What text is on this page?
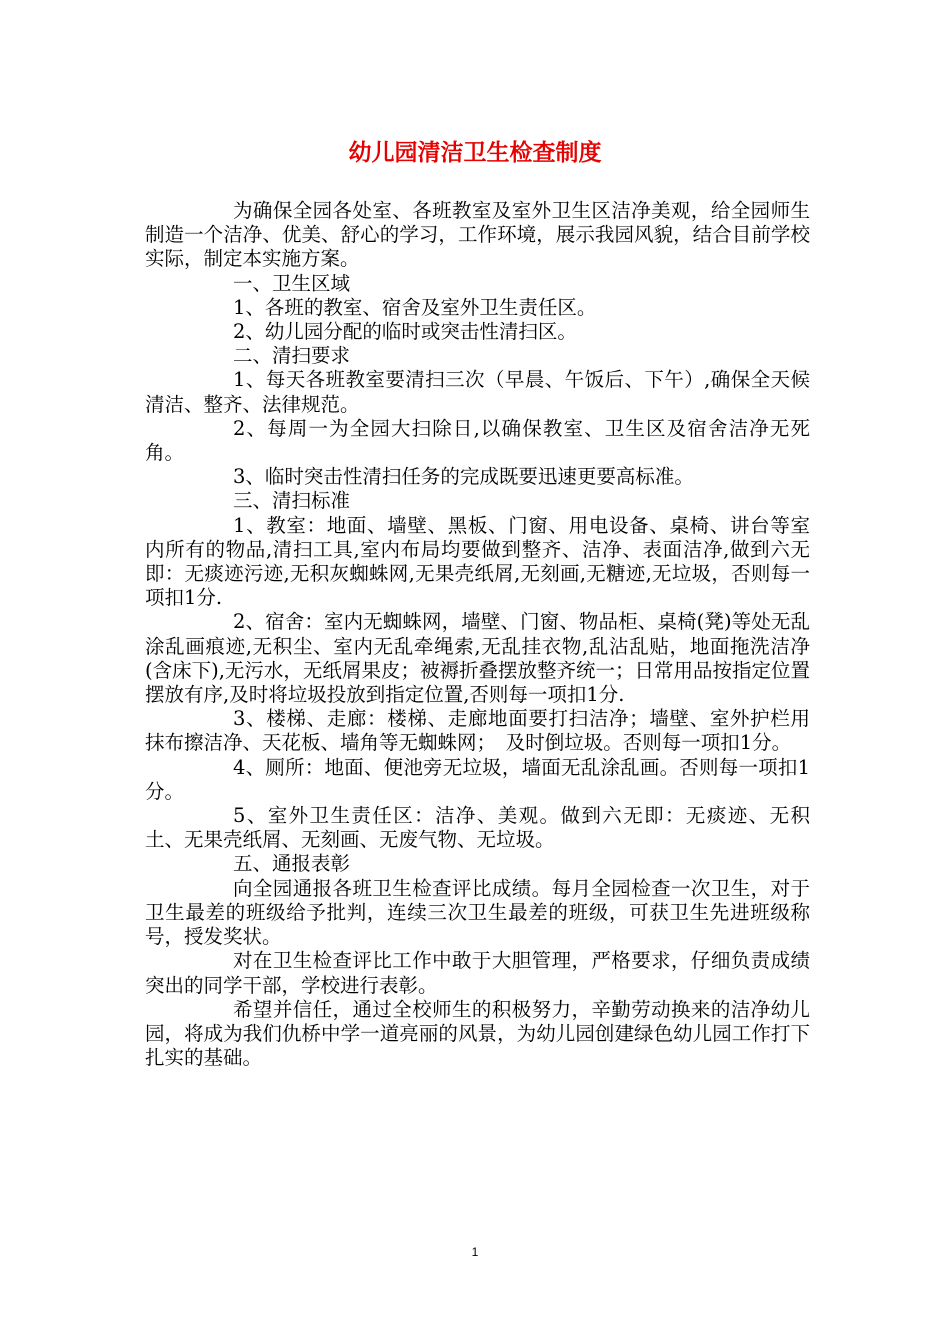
幼儿园清洁卫生检查制度

为确保全园各处室、各班教室及室外卫生区洁净美观，给全园师生制造一个洁净、优美、舒心的学习，工作环境，展示我园风貌，结合目前学校实际，制定本实施方案。

一、卫生区域

1、各班的教室、宿舍及室外卫生责任区。

2、幼儿园分配的临时或突击性清扫区。

二、清扫要求

1、每天各班教室要清扫三次（早晨、午饭后、下午）,确保全天候清洁、整齐、法律规范。

2、每周一为全园大扫除日,以确保教室、卫生区及宿舍洁净无死角。

3、临时突击性清扫任务的完成既要迅速更要高标准。

三、清扫标准

1、教室：地面、墙壁、黑板、门窗、用电设备、桌椅、讲台等室内所有的物品,清扫工具,室内布局均要做到整齐、洁净、表面洁净,做到六无即：无痰迹污迹,无积灰蜘蛛网,无果壳纸屑,无刻画,无糖迹,无垃圾，否则每一项扣1分.

2、宿舍：室内无蜘蛛网，墙壁、门窗、物品柜、桌椅(凳)等处无乱涂乱画痕迹,无积尘、室内无乱牵绳索,无乱挂衣物,乱沾乱贴，地面拖洗洁净(含床下),无污水，无纸屑果皮；被褥折叠摆放整齐统一；日常用品按指定位置摆放有序,及时将垃圾投放到指定位置,否则每一项扣1分.

3、楼梯、走廊：楼梯、走廊地面要打扫洁净；墙壁、室外护栏用抹布擦洁净、天花板、墙角等无蜘蛛网；　及时倒垃圾。否则每一项扣1分。

4、厕所：地面、便池旁无垃圾，墙面无乱涂乱画。否则每一项扣1分。

5、室外卫生责任区：洁净、美观。做到六无即：无痰迹、无积土、无果壳纸屑、无刻画、无废气物、无垃圾。

五、通报表彰

向全园通报各班卫生检查评比成绩。每月全园检查一次卫生，对于卫生最差的班级给予批判，连续三次卫生最差的班级，可获卫生先进班级称号，授发奖状。

对在卫生检查评比工作中敢于大胆管理，严格要求，仔细负责成绩突出的同学干部，学校进行表彰。

希望并信任，通过全校师生的积极努力，辛勤劳动换来的洁净幼儿园，将成为我们仇桥中学一道亮丽的风景，为幼儿园创建绿色幼儿园工作打下扎实的基础。

1
